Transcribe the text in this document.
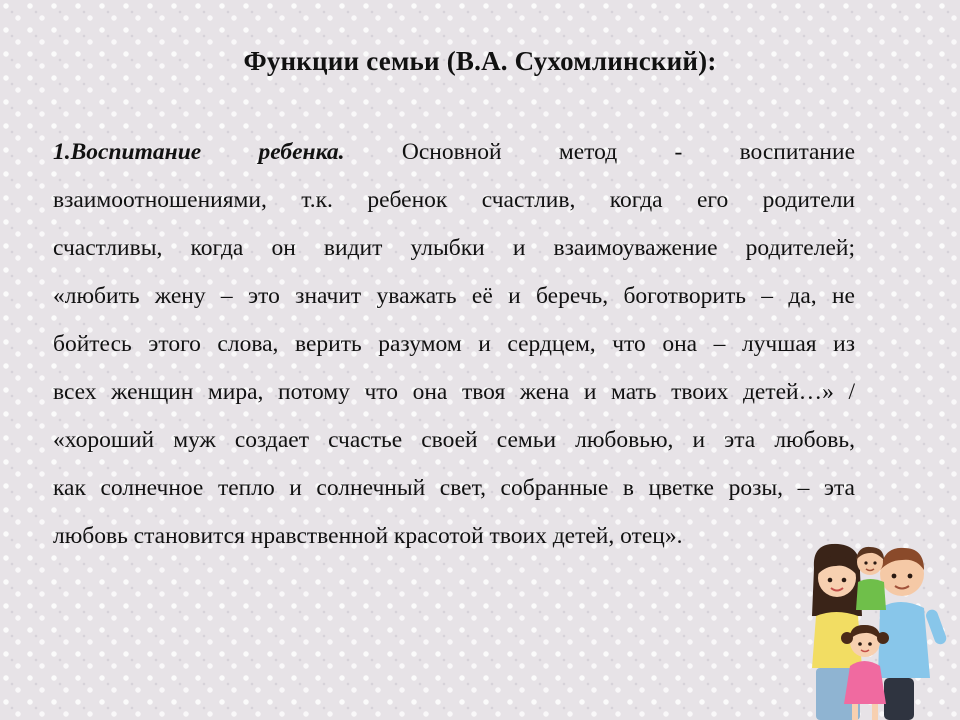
Функции семьи (В.А. Сухомлинский):
1.Воспитание ребенка. Основной метод - воспитание
взаимоотношениями, т.к. ребенок счастлив, когда его родители
счастливы, когда он видит улыбки и взаимоуважение родителей;
«любить жену – это значит уважать её и беречь, боготворить – да, не
бойтесь этого слова, верить разумом и сердцем, что она – лучшая из
всех женщин мира, потому что она твоя жена и мать твоих детей…» /
«хороший муж создает счастье своей семьи любовью, и эта любовь,
как солнечное тепло и солнечный свет, собранные в цветке розы, – эта
любовь становится нравственной красотой твоих детей, отец».
